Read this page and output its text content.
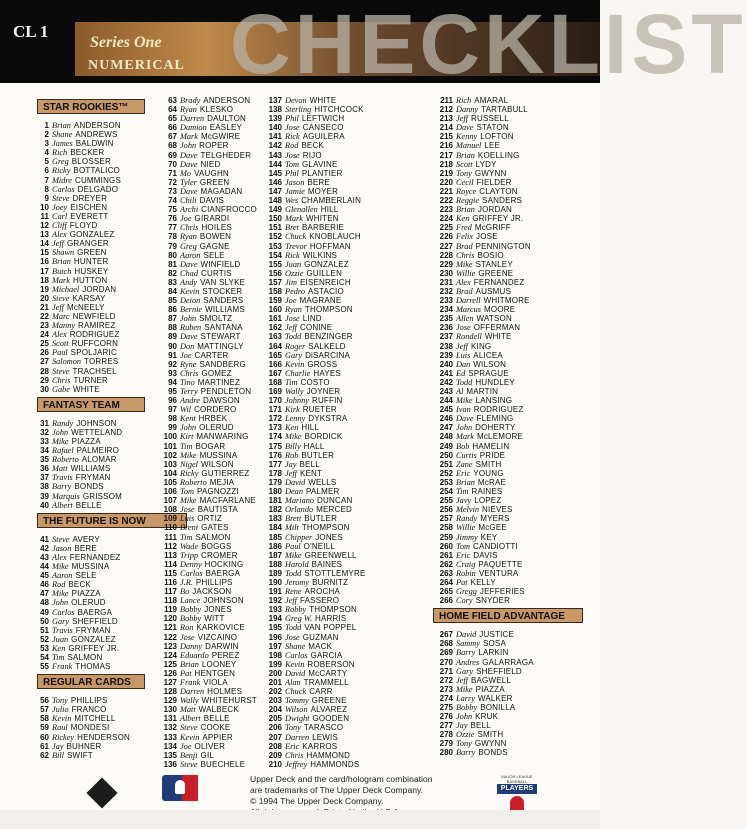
CHECKLIST
CL 1
Series One
NUMERICAL
STAR ROOKIES™
1 Brian ANDERSON
2 Shane ANDREWS
3 James BALDWIN
4 Rich BECKER
5 Greg BLOSSER
6 Ricky BOTTALICO
7 Midre CUMMINGS
8 Carlos DELGADO
9 Steve DREYER
10 Joey EISCHEN
11 Carl EVERETT
12 Cliff FLOYD
13 Alex GONZALEZ
14 Jeff GRANGER
15 Shawn GREEN
16 Brian HUNTER
17 Butch HUSKEY
18 Mark HUTTON
19 Michael JORDAN
20 Steve KARSAY
21 Jeff McNEELY
22 Marc NEWFIELD
23 Manny RAMIREZ
24 Alex RODRIGUEZ
25 Scott RUFFCORN
26 Paul SPOLJARIC
27 Salomon TORRES
28 Steve TRACHSEL
29 Chris TURNER
30 Gabe WHITE
FANTASY TEAM
31 Randy JOHNSON
32 John WETTELAND
33 Mike PIAZZA
34 Rafael PALMEIRO
35 Roberto ALOMAR
36 Matt WILLIAMS
37 Travis FRYMAN
38 Barry BONDS
39 Marquis GRISSOM
40 Albert BELLE
THE FUTURE IS NOW
41 Steve AVERY
42 Jason BERE
43 Alex FERNANDEZ
44 Mike MUSSINA
45 Aaron SELE
46 Rod BECK
47 Mike PIAZZA
48 John OLERUD
49 Carlos BAERGA
50 Gary SHEFFIELD
51 Travis FRYMAN
52 Juan GONZALEZ
53 Ken GRIFFEY JR.
54 Tim SALMON
55 Frank THOMAS
REGULAR CARDS
56 Tony PHILLIPS
57 Julio FRANCO
58 Kevin MITCHELL
59 Raul MONDESI
60 Rickey HENDERSON
61 Jay BUHNER
62 Bill SWIFT
63 Brady ANDERSON
64 Ryan KLESKO
65 Darren DAULTON
66 Damion EASLEY
67 Mark McGWIRE
68 John ROPER
69 Dave TELGHEDER
70 Dave NIED
71 Mo VAUGHN
72 Tyler GREEN
73 Dave MAGADAN
74 Chili DAVIS
75 Archi CIANFROCCO
76 Joe GIRARDI
77 Chris HOILES
78 Ryan BOWEN
79 Greg GAGNE
80 Aaron SELE
81 Dave WINFIELD
82 Chad CURTIS
83 Andy VAN SLYKE
84 Kevin STOCKER
85 Deion SANDERS
86 Bernie WILLIAMS
87 John SMOLTZ
88 Ruben SANTANA
89 Dave STEWART
90 Don MATTINGLY
91 Joe CARTER
92 Ryne SANDBERG
93 Chris GOMEZ
94 Tino MARTINEZ
95 Terry PENDLETON
96 Andre DAWSON
97 Wil CORDERO
98 Kent HRBEK
99 John OLERUD
100 Kirt MANWARING
101 Tim BOGAR
102 Mike MUSSINA
103 Nigel WILSON
104 Ricky GUTIERREZ
105 Roberto MEJIA
106 Tom PAGNOZZI
107 Mike MACFARLANE
108 Jose BAUTISTA
109 Luis ORTIZ
110 Brent GATES
111 Tim SALMON
112 Wade BOGGS
113 Tripp CROMER
114 Denny HOCKING
115 Carlos BAERGA
116 J.R. PHILLIPS
117 Bo JACKSON
118 Lance JOHNSON
119 Bobby JONES
120 Bobby WITT
121 Ron KARKOVICE
122 Jose VIZCAINO
123 Danny DARWIN
124 Eduardo PEREZ
125 Brian LOONEY
126 Pat HENTGEN
127 Frank VIOLA
128 Darren HOLMES
129 Wally WHITEHURST
130 Matt WALBECK
131 Albert BELLE
132 Steve COOKE
133 Kevin APPIER
134 Joe OLIVER
135 Benji GIL
136 Steve BUECHELE
137 Devon WHITE
138 Sterling HITCHCOCK
139 Phil LEFTWICH
140 Jose CANSECO
141 Rick AGUILERA
142 Rod BECK
143 Jose RIJO
144 Tom GLAVINE
145 Phil PLANTIER
146 Jason BERE
147 Jamie MOYER
148 Wes CHAMBERLAIN
149 Glenallen HILL
150 Mark WHITEN
151 Bret BARBERIE
152 Chuck KNOBLAUCH
153 Trevor HOFFMAN
154 Rick WILKINS
155 Juan GONZALEZ
156 Ozzie GUILLEN
157 Jim EISENREICH
158 Pedro ASTACIO
159 Joe MAGRANE
160 Ryan THOMPSON
161 Jose LIND
162 Jeff CONINE
163 Todd BENZINGER
164 Roger SALKELD
165 Gary DiSARCINA
166 Kevin GROSS
167 Charlie HAYES
168 Tim COSTO
169 Wally JOYNER
170 Johnny RUFFIN
171 Kirk RUETER
172 Lenny DYKSTRA
173 Ken HILL
174 Mike BORDICK
175 Billy HALL
176 Rob BUTLER
177 Jay BELL
178 Jeff KENT
179 David WELLS
180 Dean PALMER
181 Mariano DUNCAN
182 Orlando MERCED
183 Brett BUTLER
184 Milt THOMPSON
185 Chipper JONES
186 Paul O'NEILL
187 Mike GREENWELL
188 Harold BAINES
189 Todd STOTTLEMYRE
190 Jeromy BURNITZ
191 Rene AROCHA
192 Jeff FASSERO
193 Robby THOMPSON
194 Greg W. HARRIS
195 Todd VAN POPPEL
196 Jose GUZMAN
197 Shane MACK
198 Carlos GARCIA
199 Kevin ROBERSON
200 David McCARTY
201 Alan TRAMMELL
202 Chuck CARR
203 Tommy GREENE
204 Wilson ALVAREZ
205 Dwight GOODEN
206 Tony TARASCO
207 Darren LEWIS
208 Eric KARROS
209 Chris HAMMOND
210 Jeffrey HAMMONDS
211 Rich AMARAL
212 Danny TARTABULL
213 Jeff RUSSELL
214 Dave STATON
215 Kenny LOFTON
216 Manuel LEE
217 Brian KOELLING
218 Scott LYDY
219 Tony GWYNN
220 Cecil FIELDER
221 Royce CLAYTON
222 Reggie SANDERS
223 Brian JORDAN
224 Ken GRIFFEY JR.
225 Fred McGRIFF
226 Felix JOSE
227 Brad PENNINGTON
228 Chris BOSIO
229 Mike STANLEY
230 Willie GREENE
231 Alex FERNANDEZ
232 Brad AUSMUS
233 Darrell WHITMORE
234 Marcus MOORE
235 Allen WATSON
236 Jose OFFERMAN
237 Rondell WHITE
238 Jeff KING
239 Luis ALICEA
240 Dan WILSON
241 Ed SPRAGUE
242 Todd HUNDLEY
243 Al MARTIN
244 Mike LANSING
245 Ivan RODRIGUEZ
246 Dave FLEMING
247 John DOHERTY
248 Mark McLEMORE
249 Bob HAMELIN
250 Curtis PRIDE
251 Zane SMITH
252 Eric YOUNG
253 Brian McRAE
254 Tim RAINES
255 Javy LOPEZ
256 Melvin NIEVES
257 Randy MYERS
258 Willie McGEE
259 Jimmy KEY
260 Tom CANDIOTTI
261 Eric DAVIS
262 Craig PAQUETTE
263 Robin VENTURA
264 Pat KELLY
265 Gregg JEFFERIES
266 Cory SNYDER
HOME FIELD ADVANTAGE
267 David JUSTICE
268 Sammy SOSA
269 Barry LARKIN
270 Andres GALARRAGA
271 Gary SHEFFIELD
272 Jeff BAGWELL
273 Mike PIAZZA
274 Larry WALKER
275 Bobby BONILLA
276 John KRUK
277 Jay BELL
278 Ozzie SMITH
279 Tony GWYNN
280 Barry BONDS
Upper Deck and the card/hologram combination
are trademarks of The Upper Deck Company.
© 1994 The Upper Deck Company.
MAJOR LEAGUE BASEBALL
PLAYERS
